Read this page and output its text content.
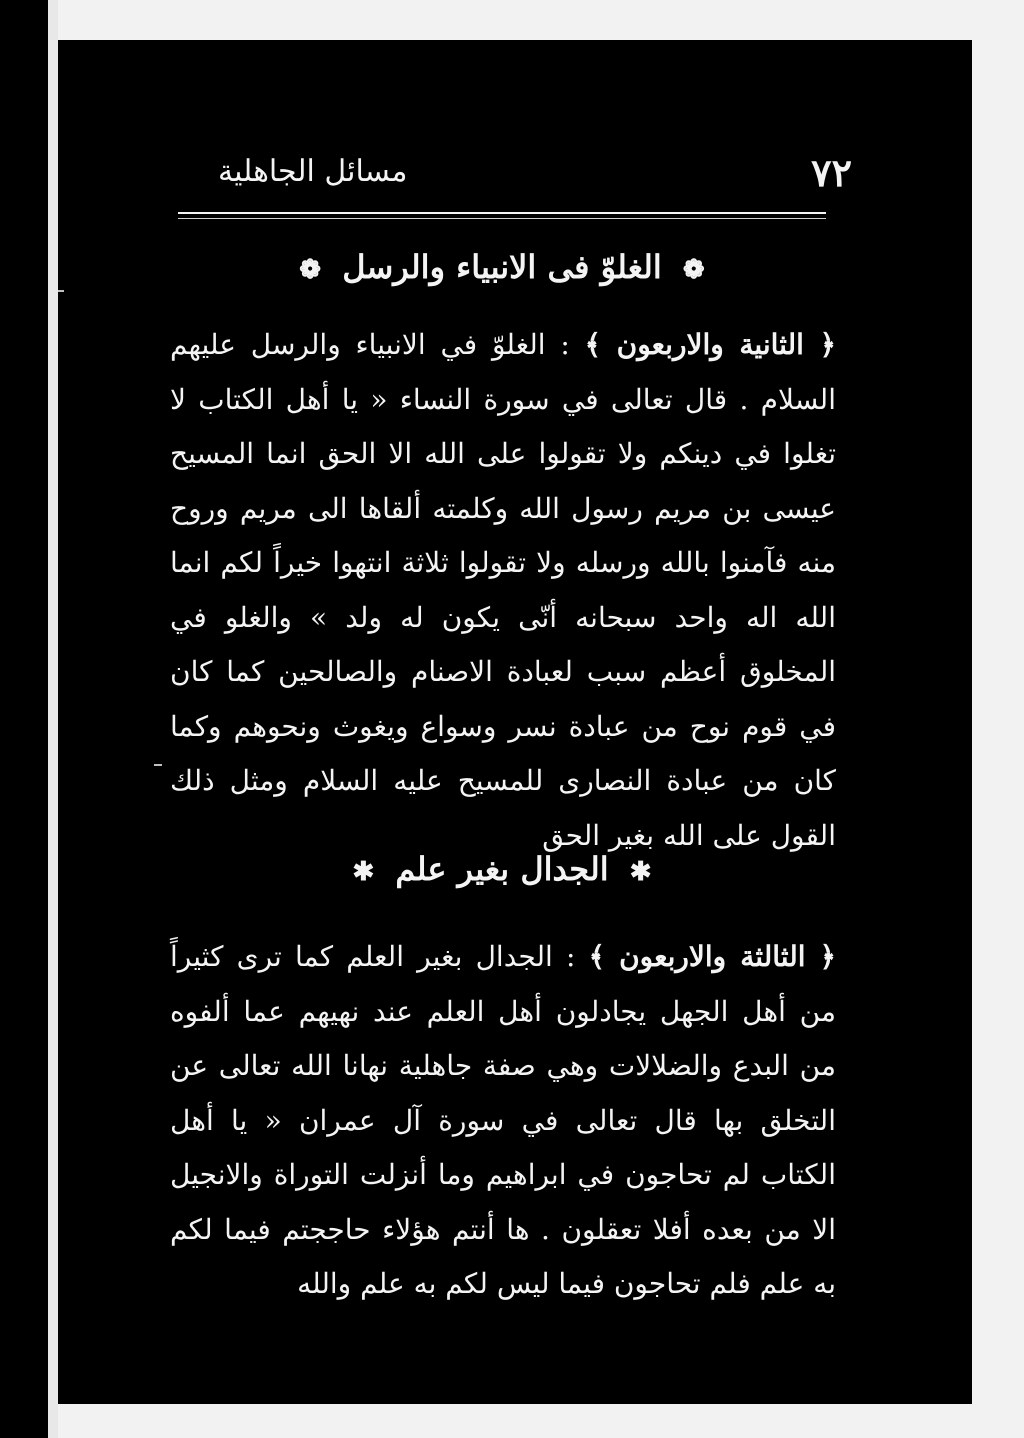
٧٢
مسائل الجاهلية
❁ الغلوّ فى الانبياء والرسل ❁
﴿ الثانية والاربعون ﴾ : الغلوّ في الانبياء والرسل عليهم السلام . قال تعالى في سورة النساء « يا أهل الكتاب لا تغلوا في دينكم ولا تقولوا على الله الا الحق انما المسيح عيسى بن مريم رسول الله وكلمته ألقاها الى مريم وروح منه فآمنوا بالله ورسله ولا تقولوا ثلاثة انتهوا خيراً لكم انما الله اله واحد سبحانه أنّى يكون له ولد » والغلو في المخلوق أعظم سبب لعبادة الاصنام والصالحين كما كان في قوم نوح من عبادة نسر وسواع ويغوث ونحوهم وكما كان من عبادة النصارى للمسيح عليه السلام ومثل ذلك القول على الله بغير الحق
✱ الجدال بغير علم ✱
﴿ الثالثة والاربعون ﴾ : الجدال بغير العلم كما ترى كثيراً من أهل الجهل يجادلون أهل العلم عند نهيهم عما ألفوه من البدع والضلالات وهي صفة جاهلية نهانا الله تعالى عن التخلق بها قال تعالى في سورة آل عمران « يا أهل الكتاب لم تحاجون في ابراهيم وما أنزلت التوراة والانجيل الا من بعده أفلا تعقلون . ها أنتم هؤلاء حاججتم فيما لكم به علم فلم تحاجون فيما ليس لكم به علم والله
